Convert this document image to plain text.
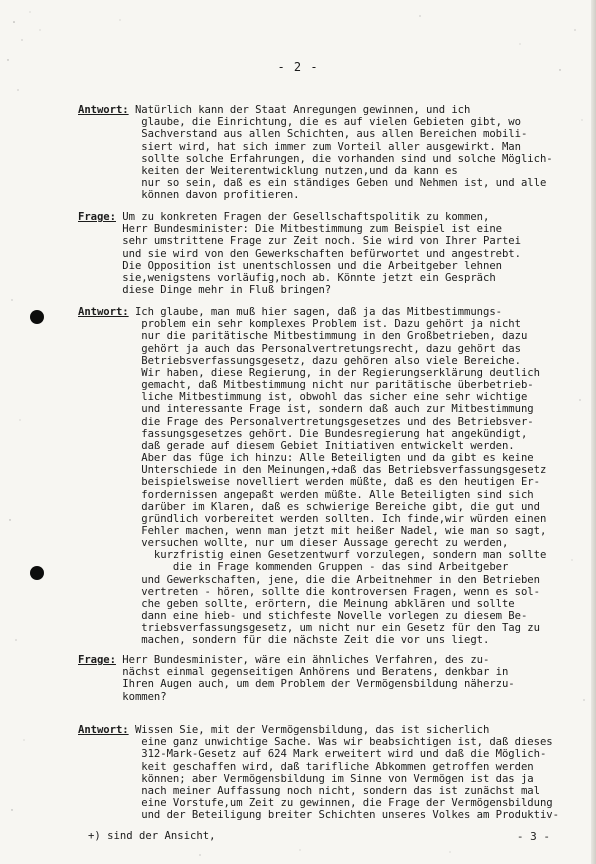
- 2 -

Antwort: Natürlich kann der Staat Anregungen gewinnen, und ich
glaube, die Einrichtung, die es auf vielen Gebieten gibt, wo
Sachverstand aus allen Schichten, aus allen Bereichen mobili-
siert wird, hat sich immer zum Vorteil aller ausgewirkt. Man
sollte solche Erfahrungen, die vorhanden sind und solche Möglich-
keiten der Weiterentwicklung nutzen,und da kann es
nur so sein, daß es ein ständiges Geben und Nehmen ist, und alle
können davon profitieren.

Frage: Um zu konkreten Fragen der Gesellschaftspolitik zu kommen,
Herr Bundesminister: Die Mitbestimmung zum Beispiel ist eine
sehr umstrittene Frage zur Zeit noch. Sie wird von Ihrer Partei
und sie wird von den Gewerkschaften befürwortet und angestrebt.
Die Opposition ist unentschlossen und die Arbeitgeber lehnen
sie,wenigstens vorläufig,noch ab. Könnte jetzt ein Gespräch
diese Dinge mehr in Fluß bringen?

Antwort: Ich glaube, man muß hier sagen, daß ja das Mitbestimmungs-
problem ein sehr komplexes Problem ist. Dazu gehört ja nicht
nur die paritätische Mitbestimmung in den Großbetrieben, dazu
gehört ja auch das Personalvertretungsrecht, dazu gehört das
Betriebsverfassungsgesetz, dazu gehören also viele Bereiche.
Wir haben, diese Regierung, in der Regierungserklärung deutlich
gemacht, daß Mitbestimmung nicht nur paritätische überbetrieb-
liche Mitbestimmung ist, obwohl das sicher eine sehr wichtige
und interessante Frage ist, sondern daß auch zur Mitbestimmung
die Frage des Personalvertretungsgesetzes und des Betriebsver-
fassungsgesetzes gehört. Die Bundesregierung hat angekündigt,
daß gerade auf diesem Gebiet Initiativen entwickelt werden.
Aber das füge ich hinzu: Alle Beteiligten und da gibt es keine
Unterschiede in den Meinungen,+daß das Betriebsverfassungsgesetz
beispielsweise novelliert werden müßte, daß es den heutigen Er-
fordernissen angepaßt werden müßte. Alle Beteiligten sind sich
darüber im Klaren, daß es schwierige Bereiche gibt, die gut und
gründlich vorbereitet werden sollten. Ich finde,wir würden einen
Fehler machen, wenn man jetzt mit heißer Nadel, wie man so sagt,
versuchen wollte, nur um dieser Aussage gerecht zu werden,
kurzfristig einen Gesetzentwurf vorzulegen, sondern man sollte
die in Frage kommenden Gruppen - das sind Arbeitgeber
und Gewerkschaften, jene, die die Arbeitnehmer in den Betrieben
vertreten - hören, sollte die kontroversen Fragen, wenn es sol-
che geben sollte, erörtern, die Meinung abklären und sollte
dann eine hieb- und stichfeste Novelle vorlegen zu diesem Be-
triebsverfassungsgesetz, um nicht nur ein Gesetz für den Tag zu
machen, sondern für die nächste Zeit die vor uns liegt.

Frage: Herr Bundesminister, wäre ein ähnliches Verfahren, des zu-
nächst einmal gegenseitigen Anhörens und Beratens, denkbar in
Ihren Augen auch, um dem Problem der Vermögensbildung näherzu-
kommen?

Antwort: Wissen Sie, mit der Vermögensbildung, das ist sicherlich
eine ganz unwichtige Sache. Was wir beabsichtigen ist, daß dieses
312-Mark-Gesetz auf 624 Mark erweitert wird und daß die Möglich-
keit geschaffen wird, daß tarifliche Abkommen getroffen werden
können; aber Vermögensbildung im Sinne von Vermögen ist das ja
nach meiner Auffassung noch nicht, sondern das ist zunächst mal
eine Vorstufe,um Zeit zu gewinnen, die Frage der Vermögensbildung
und der Beteiligung breiter Schichten unseres Volkes am Produktiv-
+) sind der Ansicht,	- 3 -
